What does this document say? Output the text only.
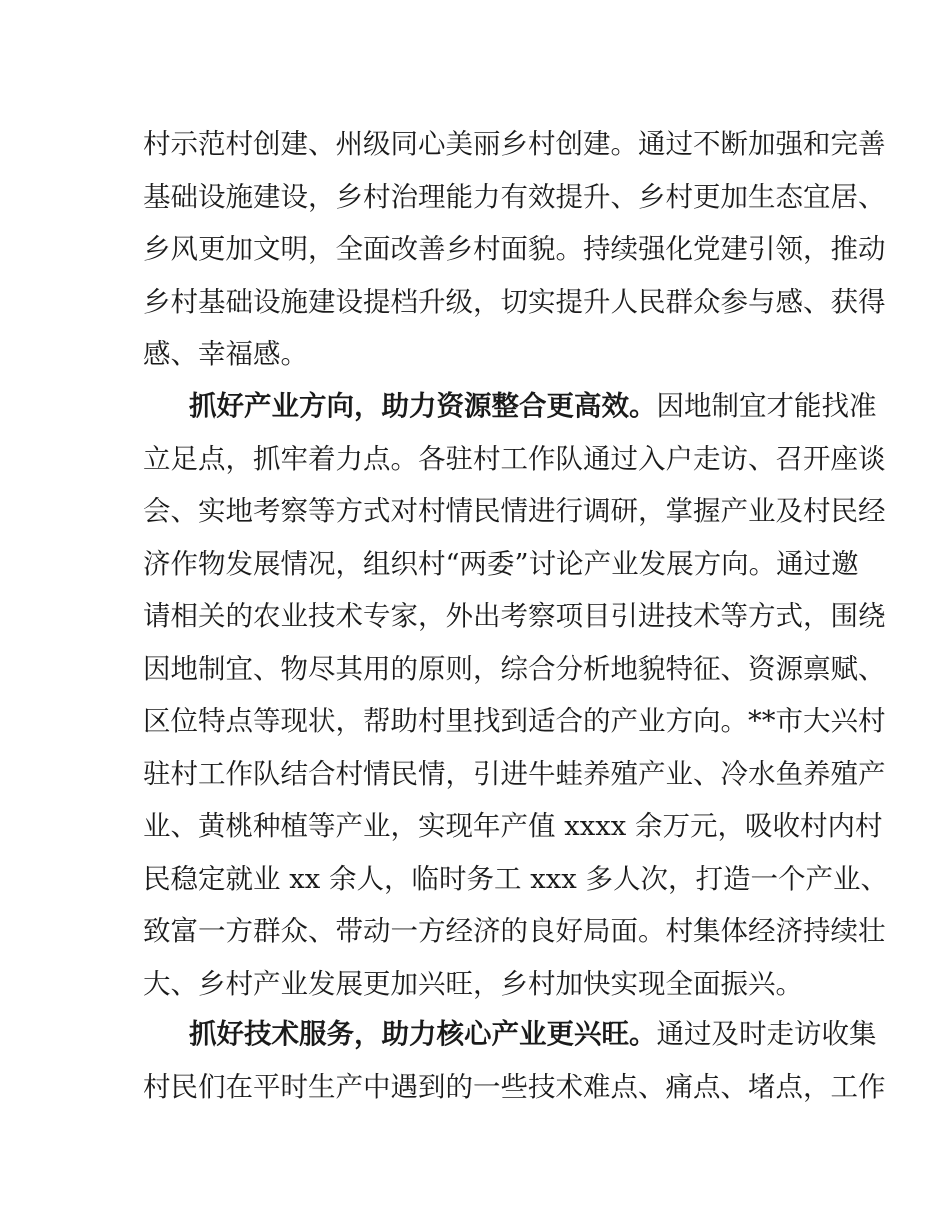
村示范村创建、州级同心美丽乡村创建。通过不断加强和完善
基础设施建设，乡村治理能力有效提升、乡村更加生态宜居、
乡风更加文明，全面改善乡村面貌。持续强化党建引领，推动
乡村基础设施建设提档升级，切实提升人民群众参与感、获得
感、幸福感。
抓好产业方向，助力资源整合更高效。因地制宜才能找准
立足点，抓牢着力点。各驻村工作队通过入户走访、召开座谈
会、实地考察等方式对村情民情进行调研，掌握产业及村民经
济作物发展情况，组织村“两委”讨论产业发展方向。通过邀
请相关的农业技术专家，外出考察项目引进技术等方式，围绕
因地制宜、物尽其用的原则，综合分析地貌特征、资源禀赋、
区位特点等现状，帮助村里找到适合的产业方向。**市大兴村
驻村工作队结合村情民情，引进牛蛙养殖产业、冷水鱼养殖产
业、黄桃种植等产业，实现年产值 xxxx 余万元，吸收村内村
民稳定就业 xx 余人，临时务工 xxx 多人次，打造一个产业、
致富一方群众、带动一方经济的良好局面。村集体经济持续壮
大、乡村产业发展更加兴旺，乡村加快实现全面振兴。
抓好技术服务，助力核心产业更兴旺。通过及时走访收集
村民们在平时生产中遇到的一些技术难点、痛点、堵点，工作
